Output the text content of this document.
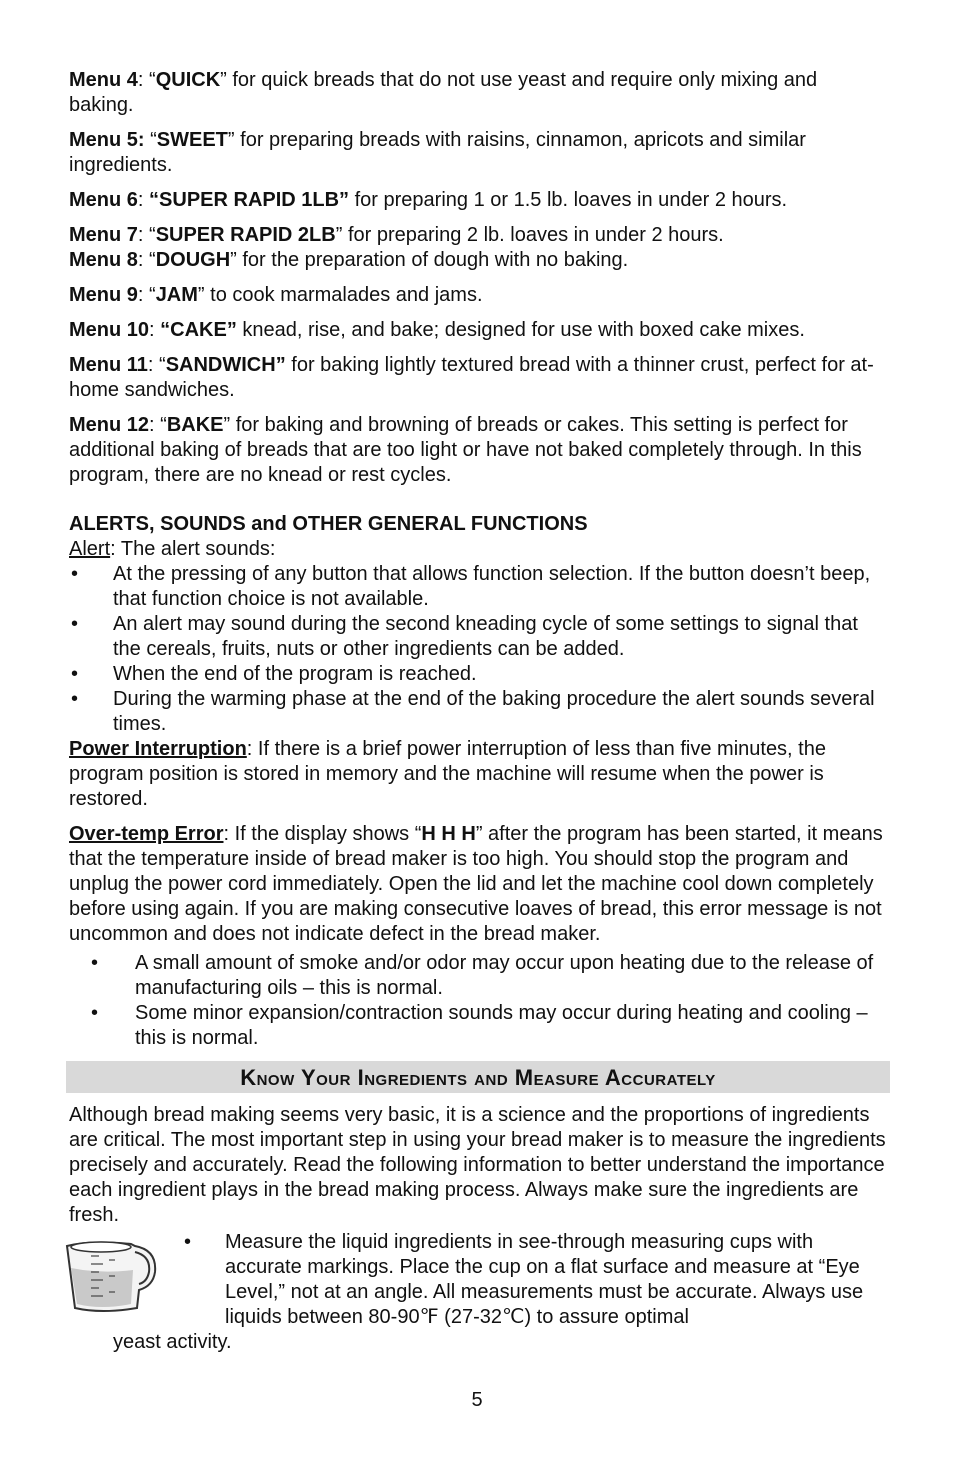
Menu 4: “QUICK” for quick breads that do not use yeast and require only mixing and baking.

Menu 5: “SWEET” for preparing breads with raisins, cinnamon, apricots and similar ingredients.

Menu 6: “SUPER RAPID 1LB” for preparing 1 or 1.5 lb. loaves in under 2 hours.

Menu 7: “SUPER RAPID 2LB” for preparing 2 lb. loaves in under 2 hours.

Menu 8: “DOUGH” for the preparation of dough with no baking.

Menu 9: “JAM” to cook marmalades and jams.

Menu 10: “CAKE” knead, rise, and bake; designed for use with boxed cake mixes.

Menu 11: “SANDWICH” for baking lightly textured bread with a thinner crust, perfect for at-home sandwiches.

Menu 12: “BAKE” for baking and browning of breads or cakes. This setting is perfect for additional baking of breads that are too light or have not baked completely through. In this program, there are no knead or rest cycles.

ALERTS, SOUNDS and OTHER GENERAL FUNCTIONS

Alert: The alert sounds:

• At the pressing of any button that allows function selection. If the button doesn’t beep, that function choice is not available.
• An alert may sound during the second kneading cycle of some settings to signal that the cereals, fruits, nuts or other ingredients can be added.
• When the end of the program is reached.
• During the warming phase at the end of the baking procedure the alert sounds several times.

Power Interruption: If there is a brief power interruption of less than five minutes, the program position is stored in memory and the machine will resume when the power is restored.

Over-temp Error: If the display shows “H H H” after the program has been started, it means that the temperature inside of bread maker is too high. You should stop the program and unplug the power cord immediately. Open the lid and let the machine cool down completely before using again. If you are making consecutive loaves of bread, this error message is not uncommon and does not indicate defect in the bread maker.

• A small amount of smoke and/or odor may occur upon heating due to the release of manufacturing oils – this is normal.
• Some minor expansion/contraction sounds may occur during heating and cooling – this is normal.
Know Your Ingredients and Measure Accurately

Although bread making seems very basic, it is a science and the proportions of ingredients are critical. The most important step in using your bread maker is to measure the ingredients precisely and accurately. Read the following information to better understand the importance each ingredient plays in the bread making process. Always make sure the ingredients are fresh.

•	Measure the liquid ingredients in see-through measuring cups with accurate markings. Place the cup on a flat surface and measure at “Eye Level,” not at an angle. All measurements must be accurate. Always use liquids between 80-90℉ (27-32℃) to assure optimal

yeast activity.

5
